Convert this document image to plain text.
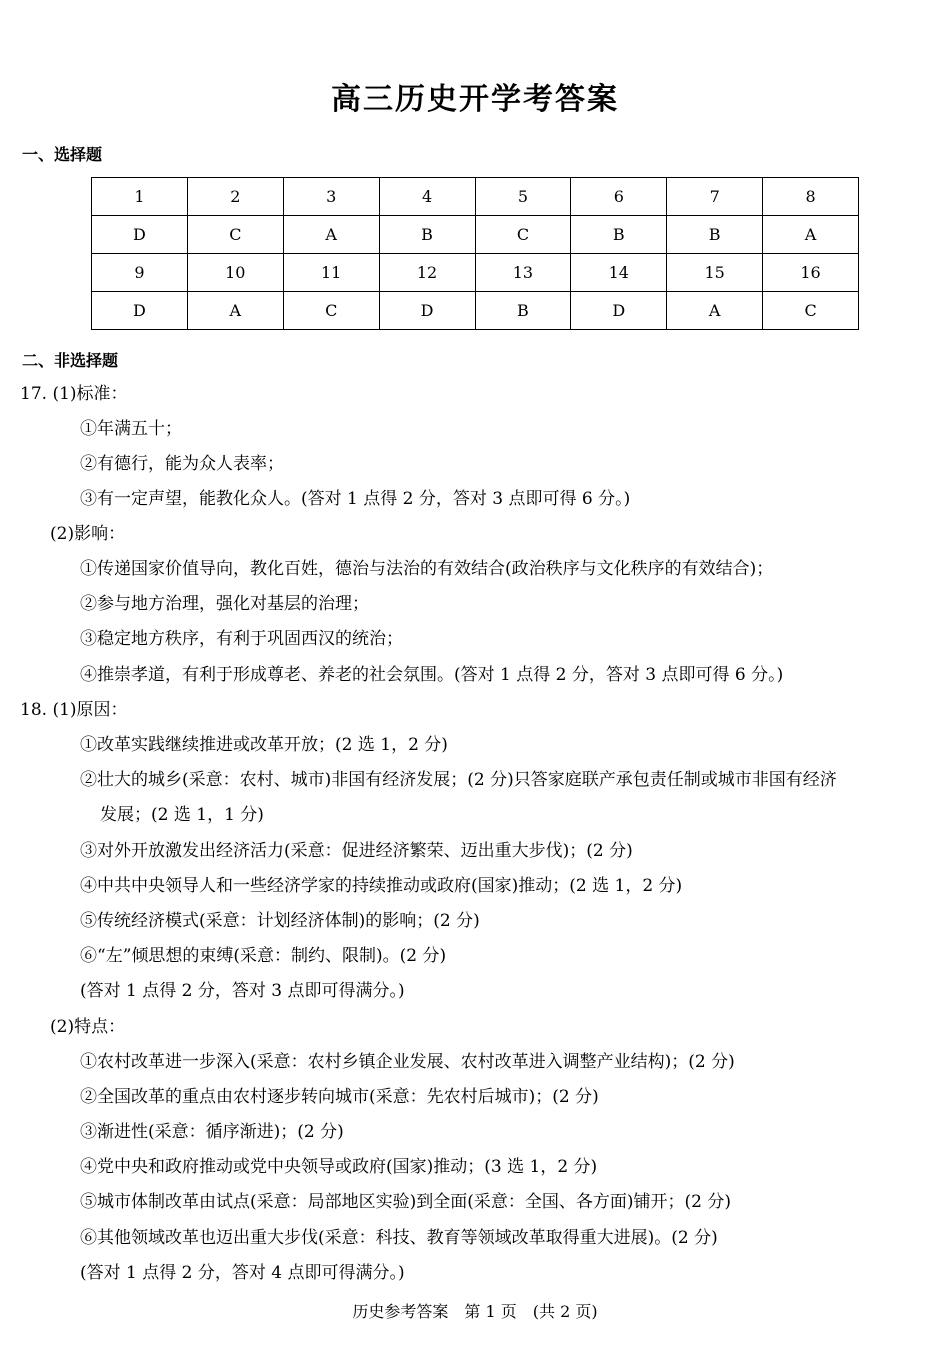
高三历史开学考答案
一、选择题
1	2	3	4	5	6	7	8
D	C	A	B	C	B	B	A
9	10	11	12	13	14	15	16
D	A	C	D	B	D	A	C
二、非选择题
17. (1)标准：
①年满五十；
②有德行，能为众人表率；
③有一定声望，能教化众人。(答对 1 点得 2 分，答对 3 点即可得 6 分。)
(2)影响：
①传递国家价值导向，教化百姓，德治与法治的有效结合(政治秩序与文化秩序的有效结合)；
②参与地方治理，强化对基层的治理；
③稳定地方秩序，有利于巩固西汉的统治；
④推崇孝道，有利于形成尊老、养老的社会氛围。(答对 1 点得 2 分，答对 3 点即可得 6 分。)
18. (1)原因：
①改革实践继续推进或改革开放；(2 选 1，2 分)
②壮大的城乡(采意：农村、城市)非国有经济发展；(2 分)只答家庭联产承包责任制或城市非国有经济
发展；(2 选 1，1 分)
③对外开放激发出经济活力(采意：促进经济繁荣、迈出重大步伐)；(2 分)
④中共中央领导人和一些经济学家的持续推动或政府(国家)推动；(2 选 1，2 分)
⑤传统经济模式(采意：计划经济体制)的影响；(2 分)
⑥“左”倾思想的束缚(采意：制约、限制)。(2 分)
(答对 1 点得 2 分，答对 3 点即可得满分。)
(2)特点：
①农村改革进一步深入(采意：农村乡镇企业发展、农村改革进入调整产业结构)；(2 分)
②全国改革的重点由农村逐步转向城市(采意：先农村后城市)；(2 分)
③渐进性(采意：循序渐进)；(2 分)
④党中央和政府推动或党中央领导或政府(国家)推动；(3 选 1，2 分)
⑤城市体制改革由试点(采意：局部地区实验)到全面(采意：全国、各方面)铺开；(2 分)
⑥其他领域改革也迈出重大步伐(采意：科技、教育等领域改革取得重大进展)。(2 分)
(答对 1 点得 2 分，答对 4 点即可得满分。)
历史参考答案　第 1 页　(共 2 页)
